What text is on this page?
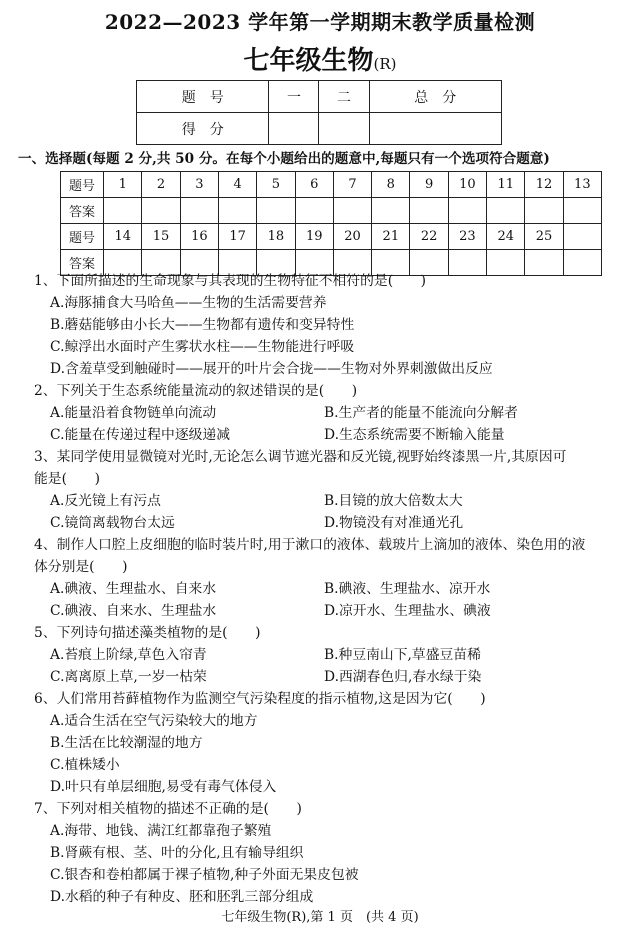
2022—2023 学年第一学期期末教学质量检测
七年级生物(R)
题　号	一	二	总　分
得　分			
一、选择题(每题 2 分,共 50 分。在每个小题给出的题意中,每题只有一个选项符合题意)
题号	1	2	3	4	5	6	7	8	9	10	11	12	13
答案													
题号	14	15	16	17	18	19	20	21	22	23	24	25	
答案													
1、下面所描述的生命现象与其表现的生物特征不相符的是(　　)
A.海豚捕食大马哈鱼——生物的生活需要营养
B.蘑菇能够由小长大——生物都有遗传和变异特性
C.鲸浮出水面时产生雾状水柱——生物能进行呼吸
D.含羞草受到触碰时——展开的叶片会合拢——生物对外界刺激做出反应
2、下列关于生态系统能量流动的叙述错误的是(　　)
A.能量沿着食物链单向流动	B.生产者的能量不能流向分解者
C.能量在传递过程中逐级递减	D.生态系统需要不断输入能量
3、某同学使用显微镜对光时,无论怎么调节遮光器和反光镜,视野始终漆黑一片,其原因可
能是(　　)
A.反光镜上有污点	B.目镜的放大倍数太大
C.镜筒离载物台太远	D.物镜没有对准通光孔
4、制作人口腔上皮细胞的临时装片时,用于漱口的液体、载玻片上滴加的液体、染色用的液
体分别是(　　)
A.碘液、生理盐水、自来水	B.碘液、生理盐水、凉开水
C.碘液、自来水、生理盐水	D.凉开水、生理盐水、碘液
5、下列诗句描述藻类植物的是(　　)
A.苔痕上阶绿,草色入帘青	B.种豆南山下,草盛豆苗稀
C.离离原上草,一岁一枯荣	D.西湖春色归,春水绿于染
6、人们常用苔藓植物作为监测空气污染程度的指示植物,这是因为它(　　)
A.适合生活在空气污染较大的地方
B.生活在比较潮湿的地方
C.植株矮小
D.叶只有单层细胞,易受有毒气体侵入
7、下列对相关植物的描述不正确的是(　　)
A.海带、地钱、满江红都靠孢子繁殖
B.肾蕨有根、茎、叶的分化,且有输导组织
C.银杏和卷柏都属于裸子植物,种子外面无果皮包被
D.水稻的种子有种皮、胚和胚乳三部分组成
七年级生物(R),第 1 页　(共 4 页)
